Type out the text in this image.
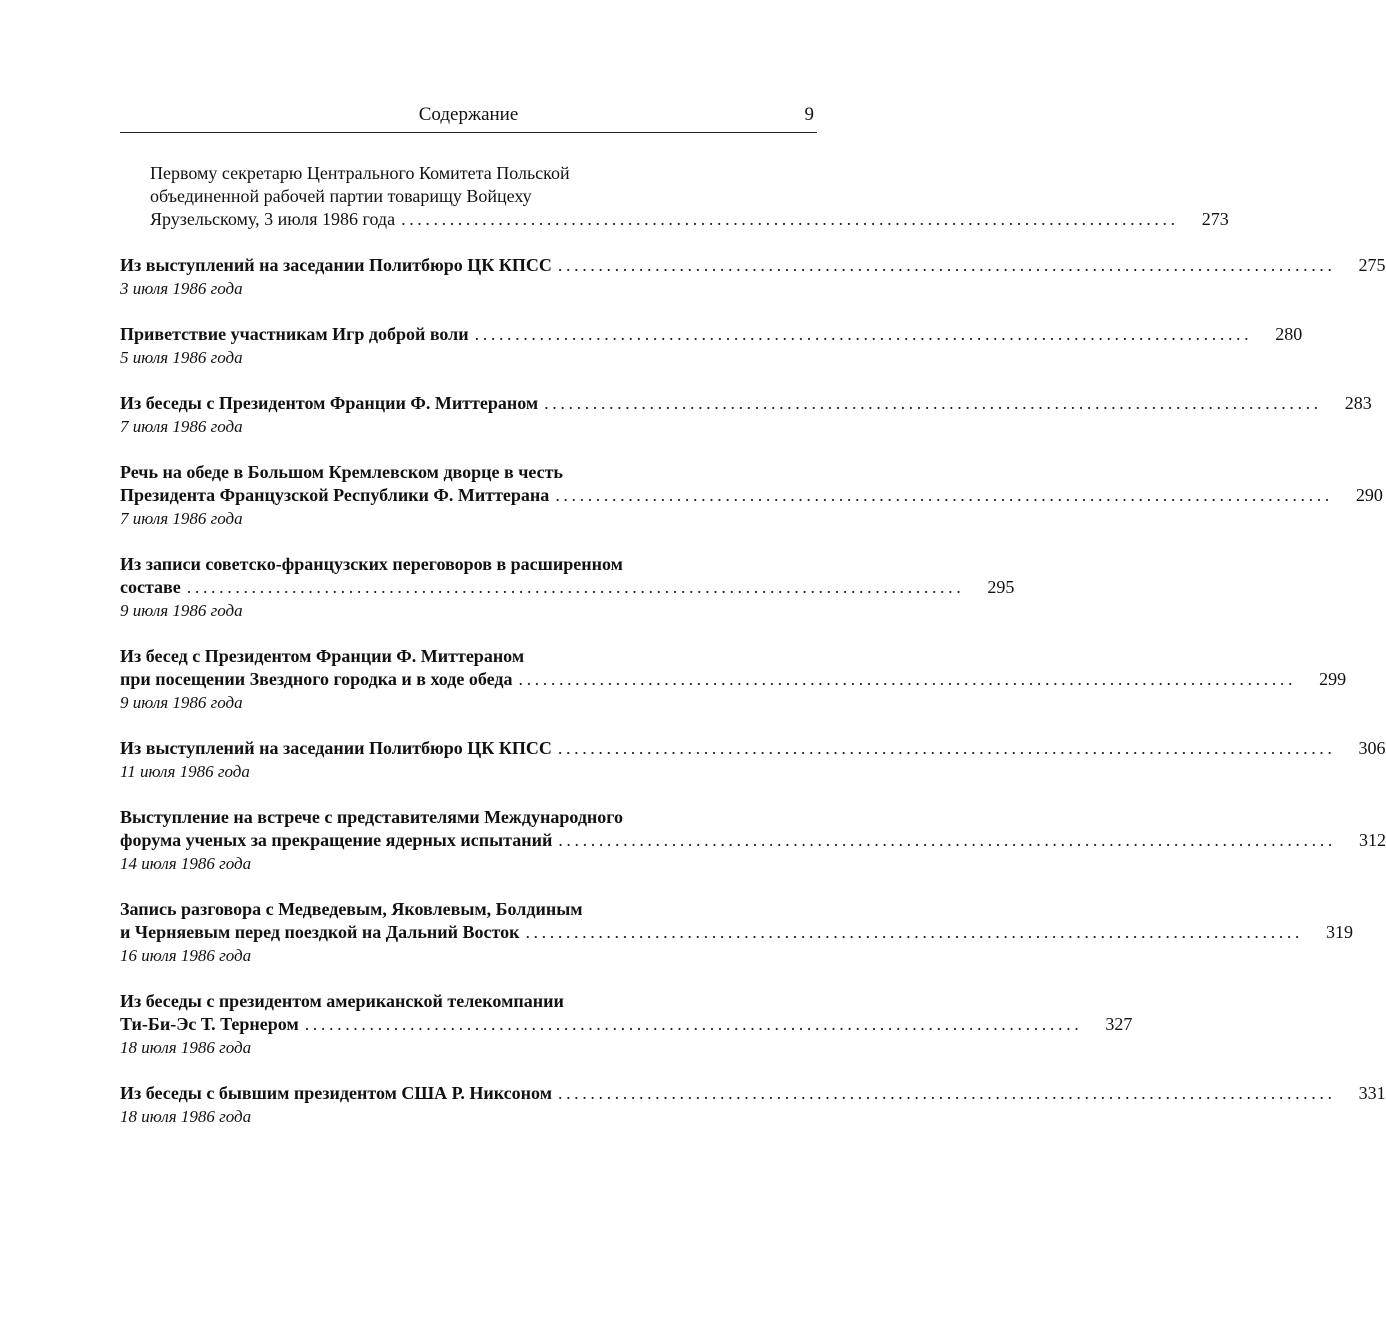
Содержание	9
Первому секретарю Центрального Комитета Польской
объединенной рабочей партии товарищу Войцеху
Ярузельскому, 3 июля 1986 года ................................................................................................	273
Из выступлений на заседании Политбюро ЦК КПСС ................................................................................................	275
3 июля 1986 года
Приветствие участникам Игр доброй воли ................................................................................................	280
5 июля 1986 года
Из беседы с Президентом Франции Ф. Миттераном ................................................................................................	283
7 июля 1986 года
Речь на обеде в Большом Кремлевском дворце в честь
Президента Французской Республики Ф. Миттерана ................................................................................................	290
7 июля 1986 года
Из записи советско-французских переговоров в расширенном
составе ................................................................................................	295
9 июля 1986 года
Из бесед с Президентом Франции Ф. Миттераном
при посещении Звездного городка и в ходе обеда ................................................................................................	299
9 июля 1986 года
Из выступлений на заседании Политбюро ЦК КПСС ................................................................................................	306
11 июля 1986 года
Выступление на встрече с представителями Международного
форума ученых за прекращение ядерных испытаний ................................................................................................	312
14 июля 1986 года
Запись разговора с Медведевым, Яковлевым, Болдиным
и Черняевым перед поездкой на Дальний Восток ................................................................................................	319
16 июля 1986 года
Из беседы с президентом американской телекомпании
Ти-Би-Эс Т. Тернером ................................................................................................	327
18 июля 1986 года
Из беседы с бывшим президентом США Р. Никсоном ................................................................................................	331
18 июля 1986 года
